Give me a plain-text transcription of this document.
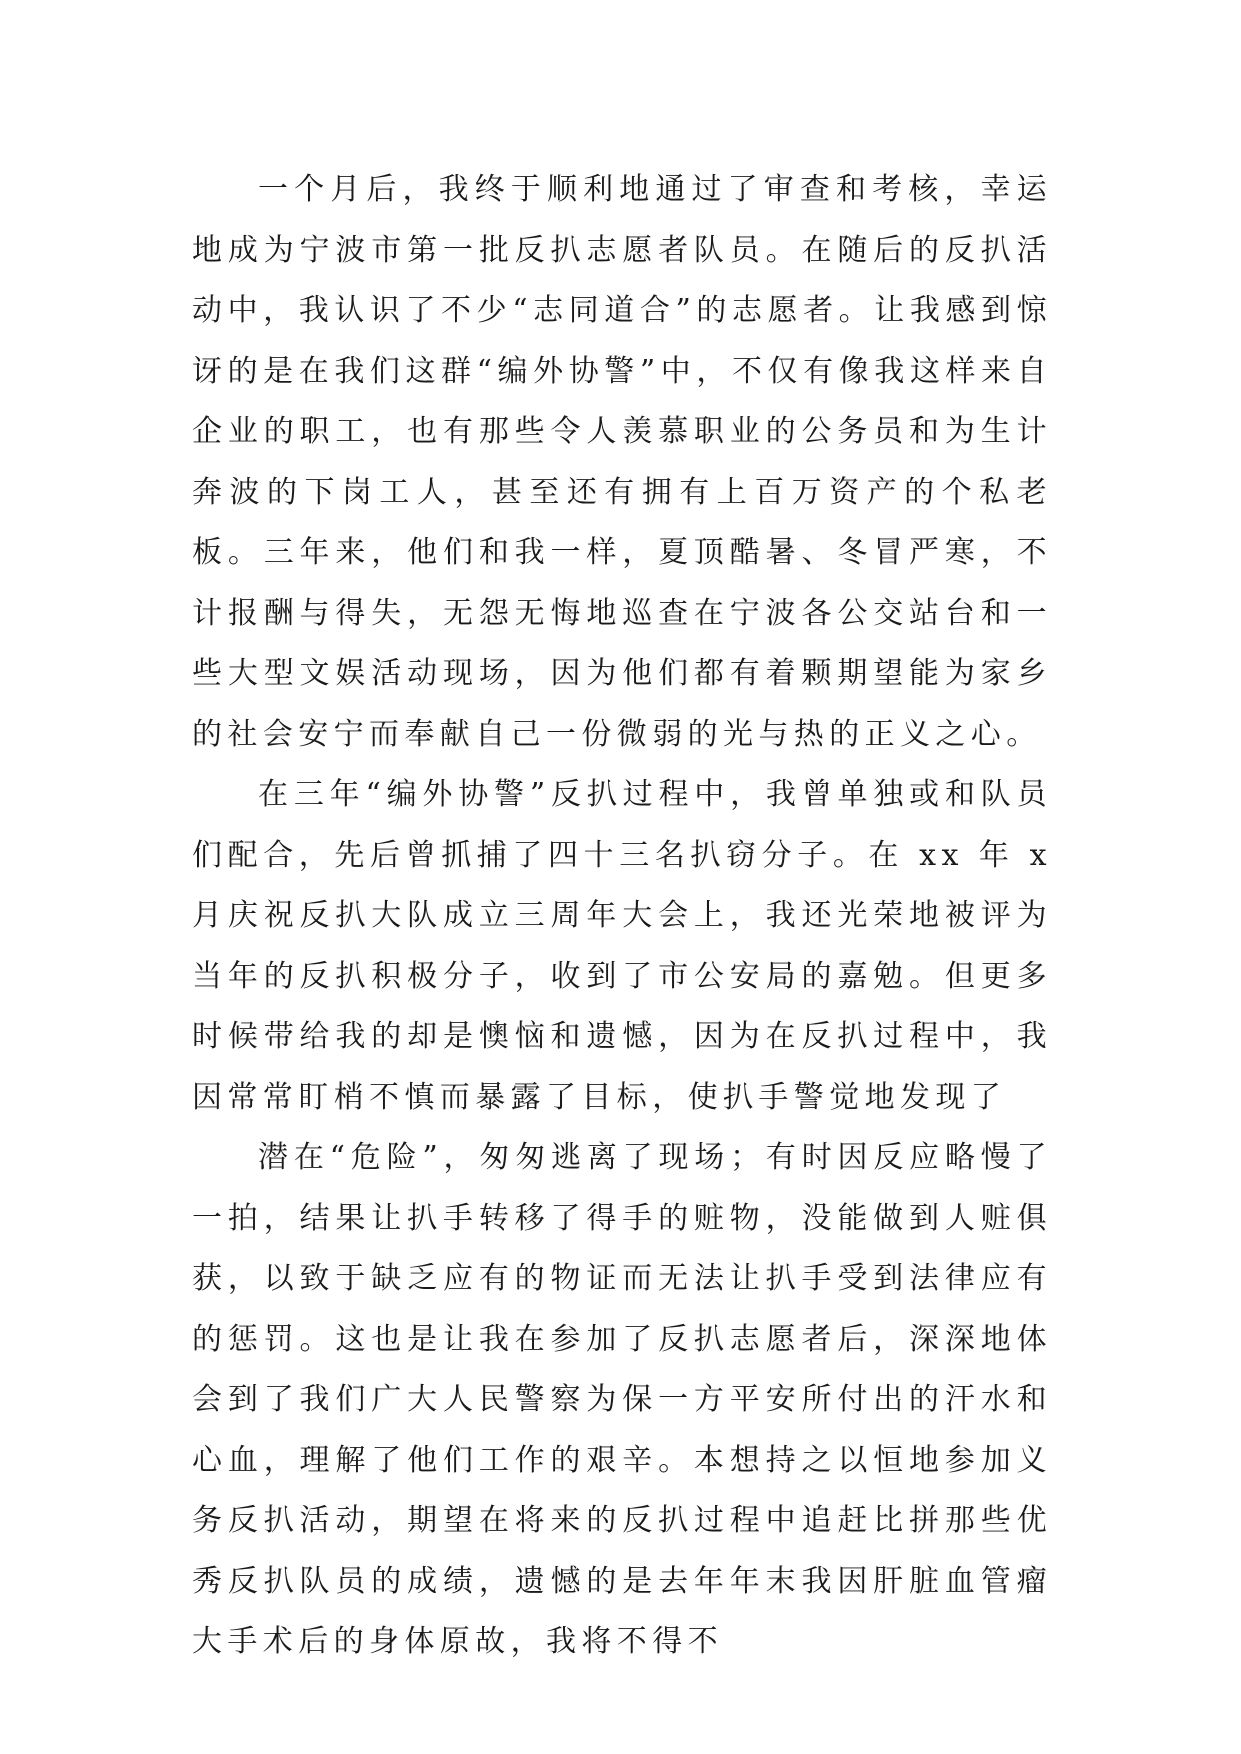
一个月后，我终于顺利地通过了审查和考核，幸运地成为宁波市第一批反扒志愿者队员。在随后的反扒活动中，我认识了不少“志同道合”的志愿者。让我感到惊讶的是在我们这群“编外协警”中，不仅有像我这样来自企业的职工，也有那些令人羡慕职业的公务员和为生计奔波的下岗工人，甚至还有拥有上百万资产的个私老板。三年来，他们和我一样，夏顶酷暑、冬冒严寒，不计报酬与得失，无怨无悔地巡查在宁波各公交站台和一些大型文娱活动现场，因为他们都有着颗期望能为家乡的社会安宁而奉献自己一份微弱的光与热的正义之心。

在三年“编外协警”反扒过程中，我曾单独或和队员们配合，先后曾抓捕了四十三名扒窃分子。在 xx 年 x 月庆祝反扒大队成立三周年大会上，我还光荣地被评为当年的反扒积极分子，收到了市公安局的嘉勉。但更多时候带给我的却是懊恼和遗憾，因为在反扒过程中，我因常常盯梢不慎而暴露了目标，使扒手警觉地发现了

潜在“危险”，匆匆逃离了现场；有时因反应略慢了一拍，结果让扒手转移了得手的赃物，没能做到人赃俱获，以致于缺乏应有的物证而无法让扒手受到法律应有的惩罚。这也是让我在参加了反扒志愿者后，深深地体会到了我们广大人民警察为保一方平安所付出的汗水和心血，理解了他们工作的艰辛。本想持之以恒地参加义务反扒活动，期望在将来的反扒过程中追赶比拼那些优秀反扒队员的成绩，遗憾的是去年年末我因肝脏血管瘤大手术后的身体原故，我将不得不
